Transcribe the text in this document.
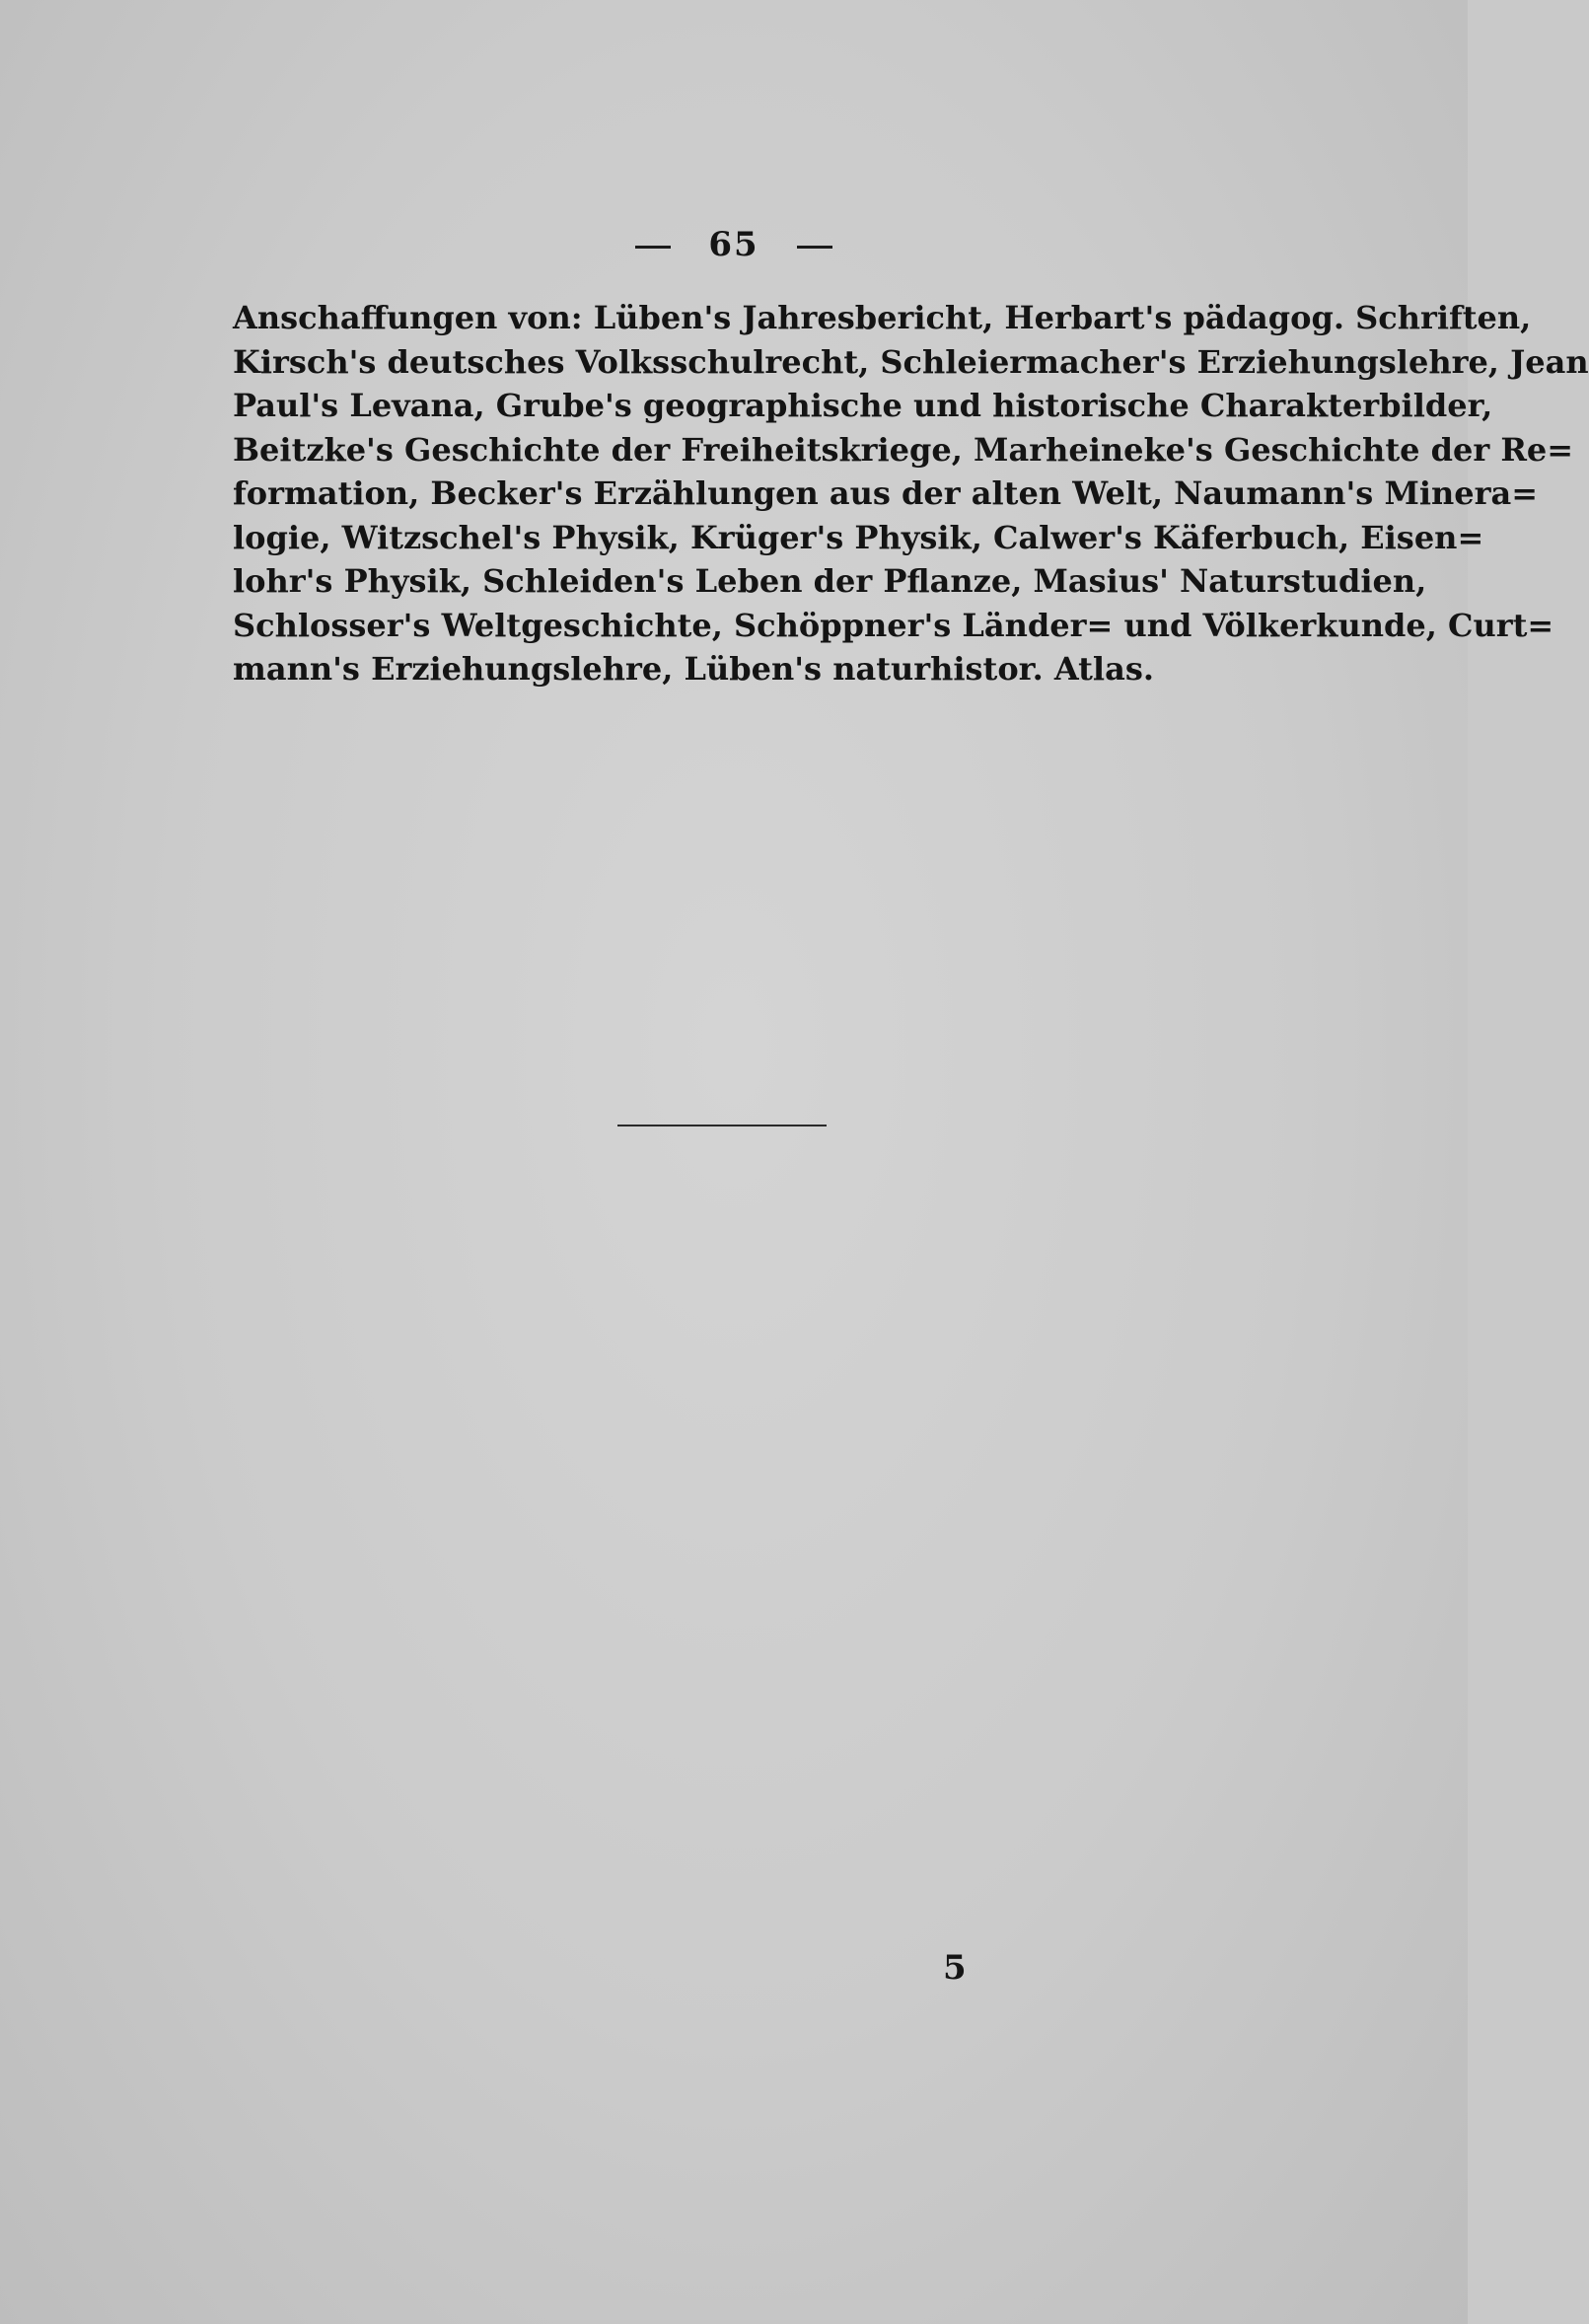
65
Anschaffungen von: Lüben's Jahresbericht, Herbart's pädagog. Schriften,
Kirsch's deutsches Volksschulrecht, Schleiermacher's Erziehungslehre, Jean
Paul's Levana, Grube's geographische und historische Charakterbilder,
Beitzke's Geschichte der Freiheitskriege, Marheineke's Geschichte der Re=
formation, Becker's Erzählungen aus der alten Welt, Naumann's Minera=
logie, Witzschel's Physik, Krüger's Physik, Calwer's Käferbuch, Eisen=
lohr's Physik, Schleiden's Leben der Pflanze, Masius' Naturstudien,
Schlosser's Weltgeschichte, Schöppner's Länder= und Völkerkunde, Curt=
mann's Erziehungslehre, Lüben's naturhistor. Atlas.
5
